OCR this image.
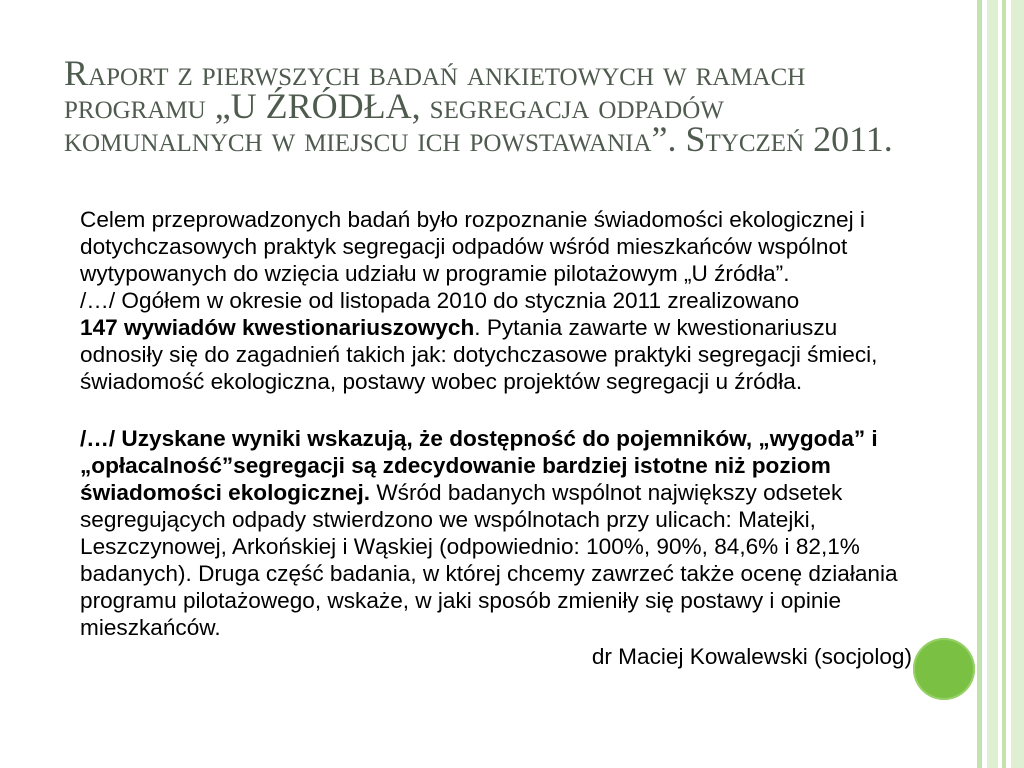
Raport z pierwszych badań ankietowych w ramach
programu „U ŹRÓDŁA, segregacja odpadów
komunalnych w miejscu ich powstawania”. Styczeń 2011.
Celem przeprowadzonych badań było rozpoznanie świadomości ekologicznej i
dotychczasowych praktyk segregacji odpadów wśród mieszkańców wspólnot
wytypowanych do wzięcia udziału w programie pilotażowym „U źródła”.
/…/ Ogółem w okresie od listopada 2010 do stycznia 2011 zrealizowano
147 wywiadów kwestionariuszowych. Pytania zawarte w kwestionariuszu
odnosiły się do zagadnień takich jak: dotychczasowe praktyki segregacji śmieci,
świadomość ekologiczna, postawy wobec projektów segregacji u źródła.
/…/ Uzyskane wyniki wskazują, że dostępność do pojemników, „wygoda” i
„opłacalność”segregacji są zdecydowanie bardziej istotne niż poziom
świadomości ekologicznej. Wśród badanych wspólnot największy odsetek
segregujących odpady stwierdzono we wspólnotach przy ulicach: Matejki,
Leszczynowej, Arkońskiej i Wąskiej (odpowiednio: 100%, 90%, 84,6% i 82,1%
badanych). Druga część badania, w której chcemy zawrzeć także ocenę działania
programu pilotażowego, wskaże, w jaki sposób zmieniły się postawy i opinie
mieszkańców.
dr Maciej Kowalewski (socjolog)
